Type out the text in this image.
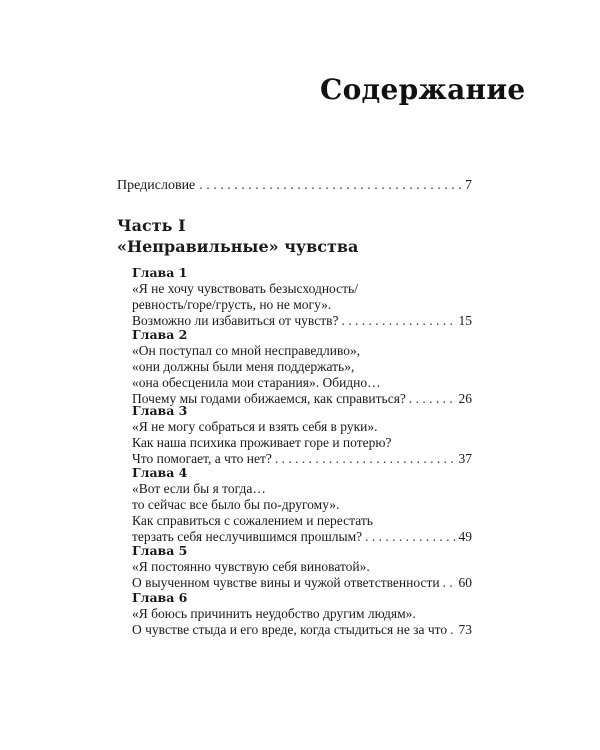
Содержание
Предисловие . . .	7
Часть I
«Неправильные» чувства
Глава 1
«Я не хочу чувствовать безысходность/
ревность/горе/грусть, но не могу».
Возможно ли избавиться от чувств? . . .	15
Глава 2
«Он поступал со мной несправедливо»,
«они должны были меня поддержать»,
«она обесценила мои старания». Обидно…
Почему мы годами обижаемся, как справиться? . . .	26
Глава 3
«Я не могу собраться и взять себя в руки».
Как наша психика проживает горе и потерю?
Что помогает, а что нет? . . .	37
Глава 4
«Вот если бы я тогда…
то сейчас все было бы по-другому».
Как справиться с сожалением и перестать
терзать себя неслучившимся прошлым? . . .	49
Глава 5
«Я постоянно чувствую себя виноватой».
О выученном чувстве вины и чужой ответственности . . . 60
Глава 6
«Я боюсь причинить неудобство другим людям».
О чувстве стыда и его вреде, когда стыдиться не за что . . . 73
